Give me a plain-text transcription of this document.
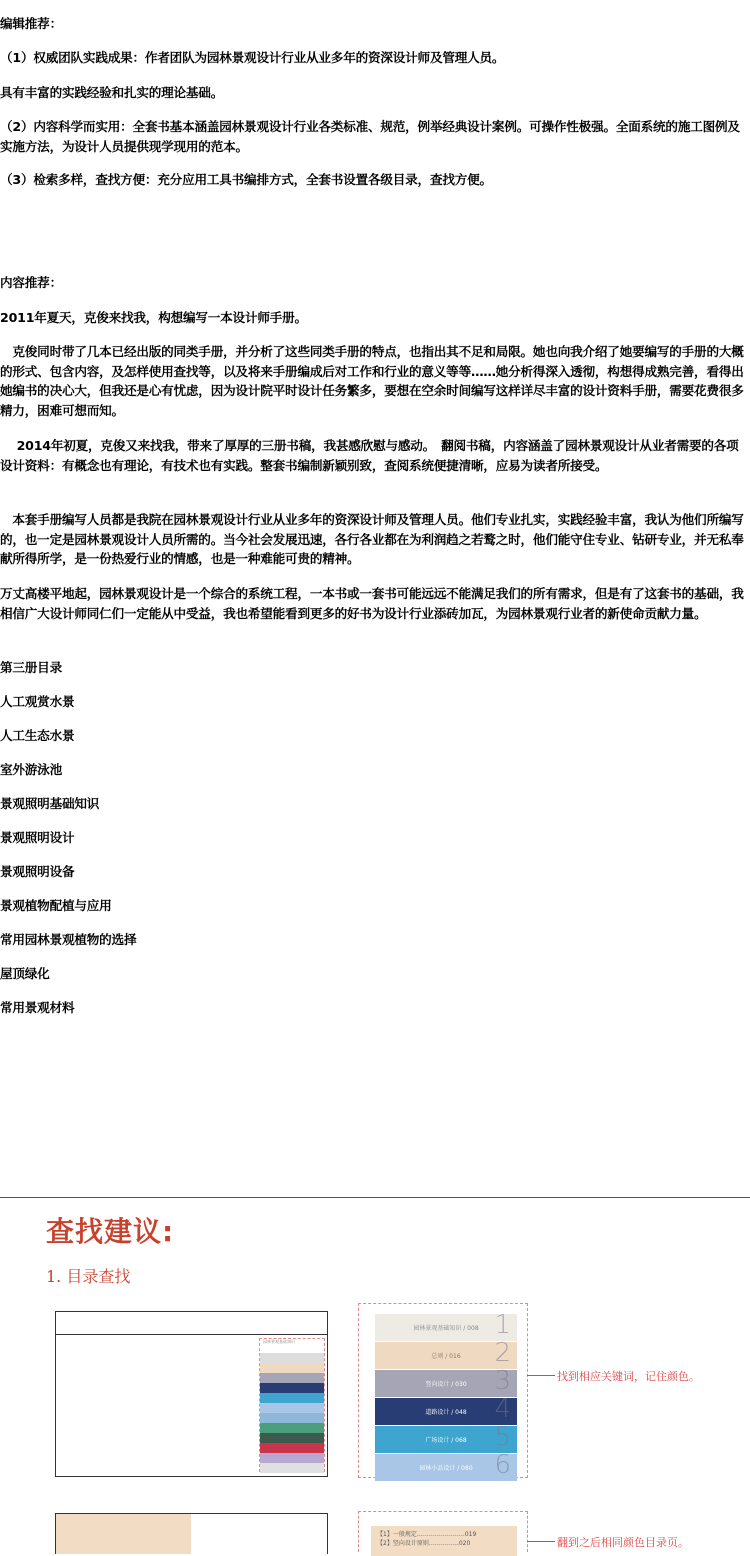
编辑推荐：

（1）权威团队实践成果：作者团队为园林景观设计行业从业多年的资深设计师及管理人员。

具有丰富的实践经验和扎实的理论基础。

（2）内容科学而实用：全套书基本涵盖园林景观设计行业各类标准、规范，例举经典设计案例。可操作性极强。全面系统的施工图例及实施方法，为设计人员提供现学现用的范本。

（3）检索多样，查找方便：充分应用工具书编排方式，全套书设置各级目录，查找方便。

内容推荐：

2011年夏天，克俊来找我，构想编写一本设计师手册。

　克俊同时带了几本已经出版的同类手册，并分析了这些同类手册的特点，也指出其不足和局限。她也向我介绍了她要编写的手册的大概的形式、包含内容，及怎样使用查找等，以及将来手册编成后对工作和行业的意义等等……她分析得深入透彻，构想得成熟完善，看得出她编书的决心大，但我还是心有忧虑，因为设计院平时设计任务繁多，要想在空余时间编写这样详尽丰富的设计资料手册，需要花费很多精力，困难可想而知。

　 2014年初夏，克俊又来找我，带来了厚厚的三册书稿，我甚感欣慰与感动。　翻阅书稿，内容涵盖了园林景观设计从业者需要的各项设计资料：有概念也有理论，有技术也有实践。整套书编制新颖别致，查阅系统便捷清晰，应易为读者所接受。

　本套手册编写人员都是我院在园林景观设计行业从业多年的资深设计师及管理人员。他们专业扎实，实践经验丰富，我认为他们所编写的，也一定是园林景观设计人员所需的。当今社会发展迅速，各行各业都在为利润趋之若鹜之时，他们能守住专业、钻研专业，并无私奉献所得所学，是一份热爱行业的情感，也是一种难能可贵的精神。

万丈高楼平地起，园林景观设计是一个综合的系统工程，一本书或一套书可能远远不能满足我们的所有需求，但是有了这套书的基础，我相信广大设计师同仁们一定能从中受益，我也希望能看到更多的好书为设计行业添砖加瓦，为园林景观行业者的新使命贡献力量。

第三册目录

人工观赏水景

人工生态水景

室外游泳池

景观照明基础知识

景观照明设计

景观照明设备

景观植物配植与应用

常用园林景观植物的选择

屋顶绿化

常用景观材料

查找建议:
1. 目录查找
园林景观基础知识
园林景观基础知识 / 008 1
总则 / 016 2
竖向设计 / 030 3
道路设计 / 048 4
广场设计 / 068 5
园林小品设计 / 080 6
找到相应关键词，记住颜色。
【1】一般规定……………………019
【2】竖向设计原则……………020	翻到之后相同颜色目录页。
